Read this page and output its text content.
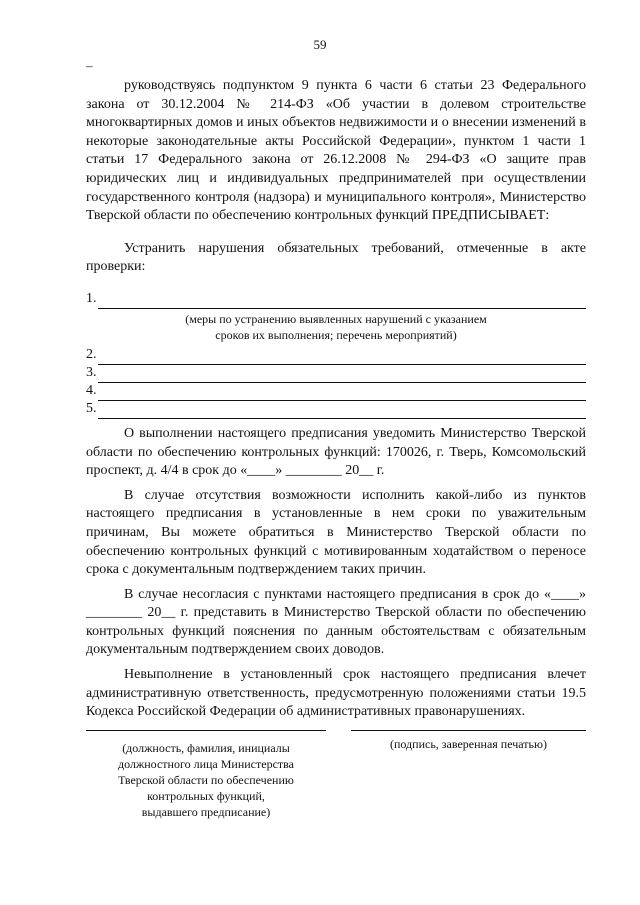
59
–

руководствуясь подпунктом 9 пункта 6 части 6 статьи 23 Федерального закона от 30.12.2004 № 214-ФЗ «Об участии в долевом строительстве многоквартирных домов и иных объектов недвижимости и о внесении изменений в некоторые законодательные акты Российской Федерации», пунктом 1 части 1 статьи 17 Федерального закона от 26.12.2008 № 294-ФЗ «О защите прав юридических лиц и индивидуальных предпринимателей при осуществлении государственного контроля (надзора) и муниципального контроля», Министерство Тверской области по обеспечению контрольных функций ПРЕДПИСЫВАЕТ:

Устранить нарушения обязательных требований, отмеченные в акте проверки:

1.
(меры по устранению выявленных нарушений с указанием
сроков их выполнения; перечень мероприятий)
2.
3.
4.
5.

О выполнении настоящего предписания уведомить Министерство Тверской области по обеспечению контрольных функций: 170026, г. Тверь, Комсомольский проспект, д. 4/4 в срок до «____» ________ 20__ г.

В случае отсутствия возможности исполнить какой-либо из пунктов настоящего предписания в установленные в нем сроки по уважительным причинам, Вы можете обратиться в Министерство Тверской области по обеспечению контрольных функций с мотивированным ходатайством о переносе срока с документальным подтверждением таких причин.

В случае несогласия с пунктами настоящего предписания в срок до «____» ________ 20__ г. представить в Министерство Тверской области по обеспечению контрольных функций пояснения по данным обстоятельствам с обязательным документальным подтверждением своих доводов.

Невыполнение в установленный срок настоящего предписания влечет административную ответственность, предусмотренную положениями статьи 19.5 Кодекса Российской Федерации об административных правонарушениях.

(должность, фамилия, инициалы
должностного лица Министерства
Тверской области по обеспечению
контрольных функций,
выдавшего предписание)
(подпись, заверенная печатью)
